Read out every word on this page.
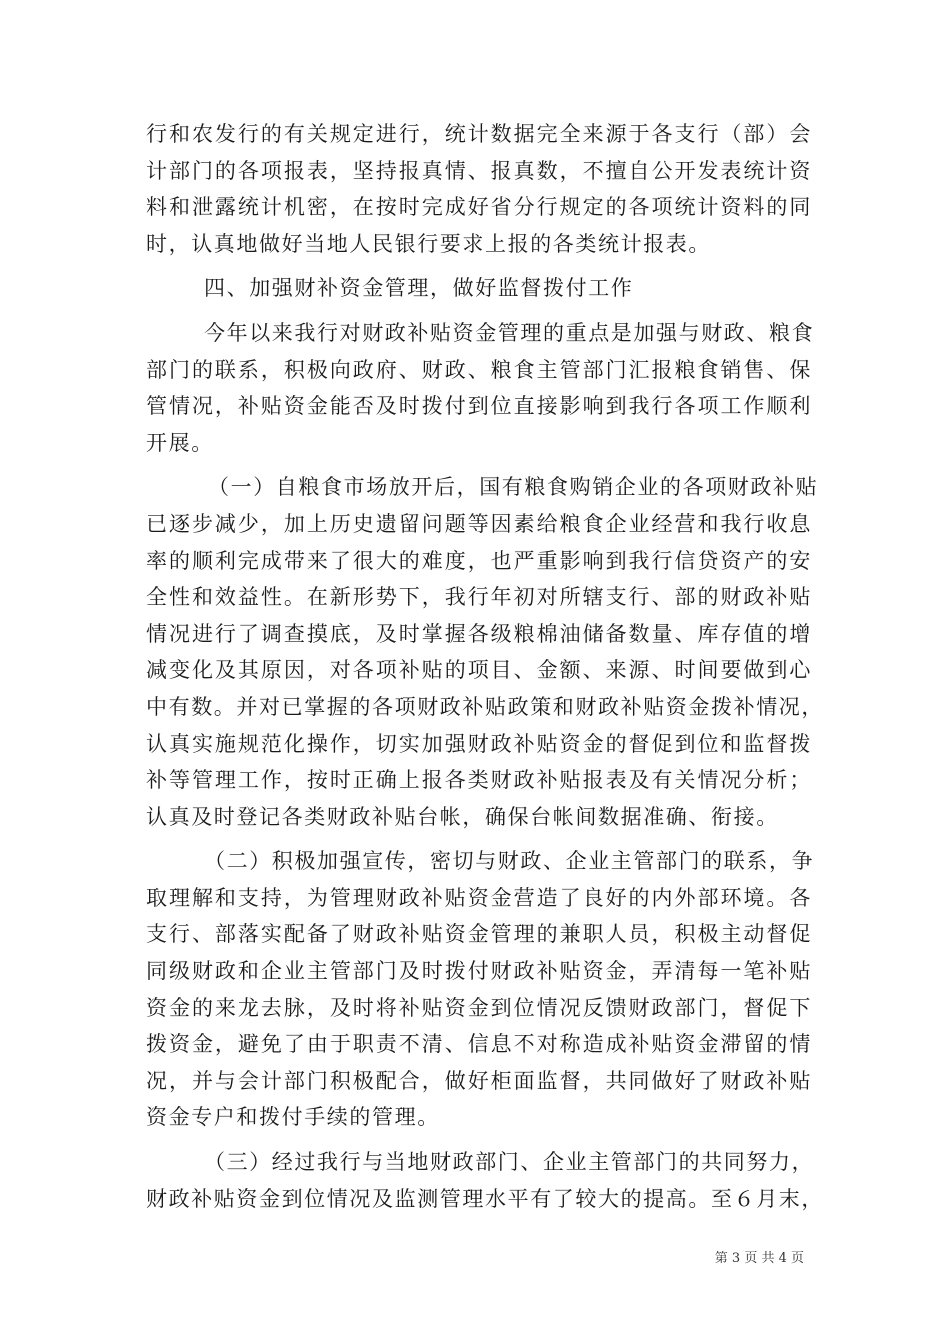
行和农发行的有关规定进行，统计数据完全来源于各支行（部）会
计部门的各项报表，坚持报真情、报真数，不擅自公开发表统计资
料和泄露统计机密，在按时完成好省分行规定的各项统计资料的同
时，认真地做好当地人民银行要求上报的各类统计报表。
四、加强财补资金管理，做好监督拨付工作
今年以来我行对财政补贴资金管理的重点是加强与财政、粮食
部门的联系，积极向政府、财政、粮食主管部门汇报粮食销售、保
管情况，补贴资金能否及时拨付到位直接影响到我行各项工作顺利
开展。
（一）自粮食市场放开后，国有粮食购销企业的各项财政补贴
已逐步减少，加上历史遗留问题等因素给粮食企业经营和我行收息
率的顺利完成带来了很大的难度，也严重影响到我行信贷资产的安
全性和效益性。在新形势下，我行年初对所辖支行、部的财政补贴
情况进行了调查摸底，及时掌握各级粮棉油储备数量、库存值的增
减变化及其原因，对各项补贴的项目、金额、来源、时间要做到心
中有数。并对已掌握的各项财政补贴政策和财政补贴资金拨补情况，
认真实施规范化操作，切实加强财政补贴资金的督促到位和监督拨
补等管理工作，按时正确上报各类财政补贴报表及有关情况分析；
认真及时登记各类财政补贴台帐，确保台帐间数据准确、衔接。
（二）积极加强宣传，密切与财政、企业主管部门的联系，争
取理解和支持，为管理财政补贴资金营造了良好的内外部环境。各
支行、部落实配备了财政补贴资金管理的兼职人员，积极主动督促
同级财政和企业主管部门及时拨付财政补贴资金，弄清每一笔补贴
资金的来龙去脉，及时将补贴资金到位情况反馈财政部门，督促下
拨资金，避免了由于职责不清、信息不对称造成补贴资金滞留的情
况，并与会计部门积极配合，做好柜面监督，共同做好了财政补贴
资金专户和拨付手续的管理。
（三）经过我行与当地财政部门、企业主管部门的共同努力，
财政补贴资金到位情况及监测管理水平有了较大的提高。至６月末，
第 3 页 共 4 页
